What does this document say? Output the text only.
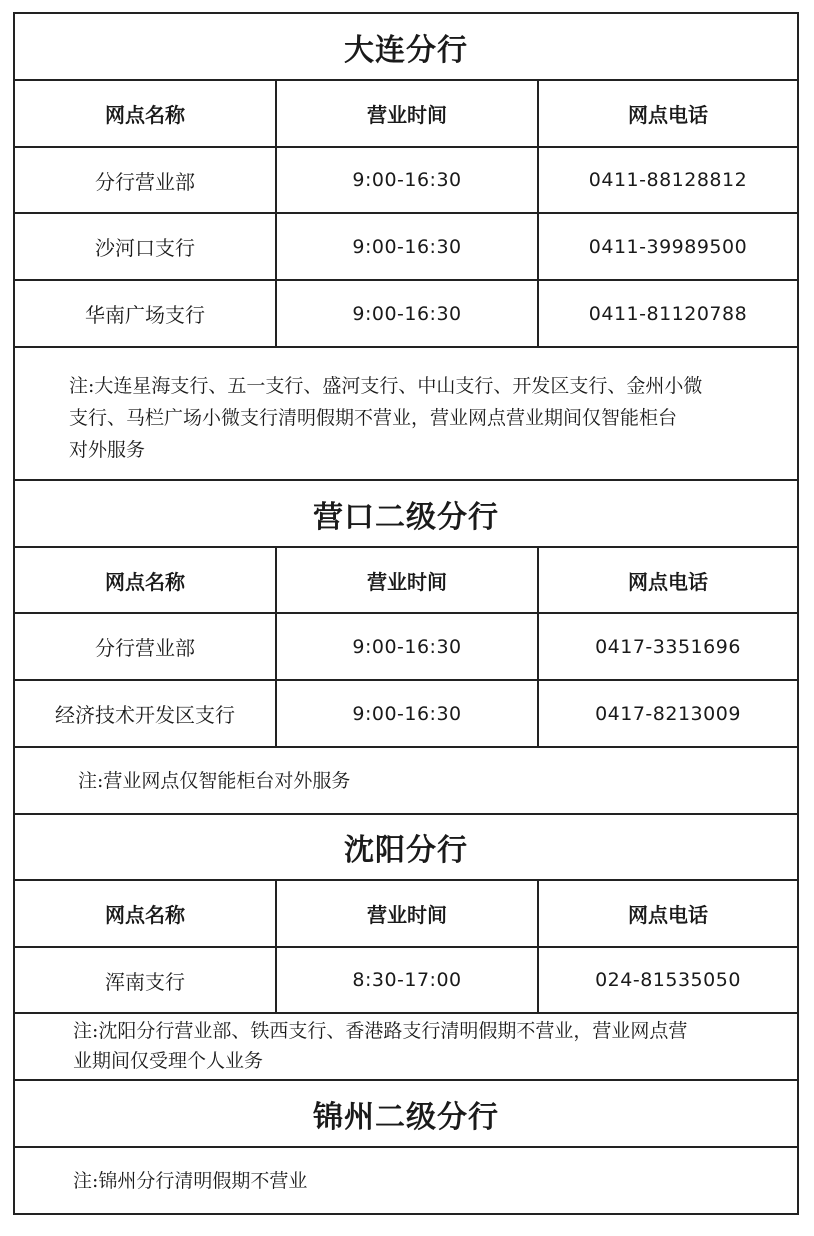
大连分行
网点名称	营业时间	网点电话
分行营业部	9:00-16:30	0411-88128812
沙河口支行	9:00-16:30	0411-39989500
华南广场支行	9:00-16:30	0411-81120788
注:大连星海支行、五一支行、盛河支行、中山支行、开发区支行、金州小微
支行、马栏广场小微支行清明假期不营业，营业网点营业期间仅智能柜台
对外服务
营口二级分行
网点名称	营业时间	网点电话
分行营业部	9:00-16:30	0417-3351696
经济技术开发区支行	9:00-16:30	0417-8213009
注:营业网点仅智能柜台对外服务
沈阳分行
网点名称	营业时间	网点电话
浑南支行	8:30-17:00	024-81535050
注:沈阳分行营业部、铁西支行、香港路支行清明假期不营业，营业网点营
业期间仅受理个人业务
锦州二级分行
注:锦州分行清明假期不营业
